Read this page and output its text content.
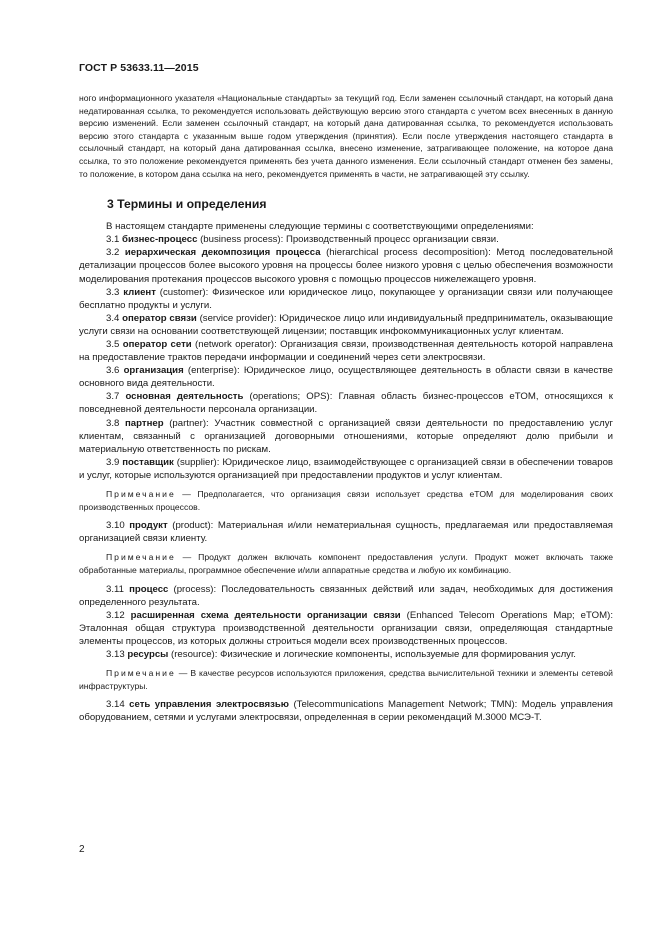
ГОСТ Р 53633.11—2015

ного информационного указателя «Национальные стандарты» за текущий год. Если заменен ссылочный стандарт, на который дана недатированная ссылка, то рекомендуется использовать действующую версию этого стандарта с учетом всех внесенных в данную версию изменений. Если заменен ссылочный стандарт, на который дана датированная ссылка, то рекомендуется использовать версию этого стандарта с указанным выше годом утверждения (принятия). Если после утверждения настоящего стандарта в ссылочный стандарт, на который дана датированная ссылка, внесено изменение, затрагивающее положение, на которое дана ссылка, то это положение рекомендуется применять без учета данного изменения. Если ссылочный стандарт отменен без замены, то положение, в котором дана ссылка на него, рекомендуется применять в части, не затрагивающей эту ссылку.

3 Термины и определения

В настоящем стандарте применены следующие термины с соответствующими определениями:

3.1 бизнес-процесс (business process): Производственный процесс организации связи.

3.2 иерархическая декомпозиция процесса (hierarchical process decomposition): Метод последовательной детализации процессов более высокого уровня на процессы более низкого уровня с целью обеспечения возможности моделирования протекания процессов высокого уровня с помощью процессов нижележащего уровня.

3.3 клиент (customer): Физическое или юридическое лицо, покупающее у организации связи или получающее бесплатно продукты и услуги.

3.4 оператор связи (service provider): Юридическое лицо или индивидуальный предприниматель, оказывающие услуги связи на основании соответствующей лицензии; поставщик инфокоммуникационных услуг клиентам.

3.5 оператор сети (network operator): Организация связи, производственная деятельность которой направлена на предоставление трактов передачи информации и соединений через сети электросвязи.

3.6 организация (enterprise): Юридическое лицо, осуществляющее деятельность в области связи в качестве основного вида деятельности.

3.7 основная деятельность (operations; OPS): Главная область бизнес-процессов eTOM, относящихся к повседневной деятельности персонала организации.

3.8 партнер (partner): Участник совместной с организацией связи деятельности по предоставлению услуг клиентам, связанный с организацией договорными отношениями, которые определяют долю прибыли и материальную ответственность по рискам.

3.9 поставщик (supplier): Юридическое лицо, взаимодействующее с организацией связи в обеспечении товаров и услуг, которые используются организацией при предоставлении продуктов и услуг клиентам.

Примечание — Предполагается, что организация связи использует средства eTOM для моделирования своих производственных процессов.

3.10 продукт (product): Материальная и/или нематериальная сущность, предлагаемая или предоставляемая организацией связи клиенту.

Примечание — Продукт должен включать компонент предоставления услуги. Продукт может включать также обработанные материалы, программное обеспечение и/или аппаратные средства и любую их комбинацию.

3.11 процесс (process): Последовательность связанных действий или задач, необходимых для достижения определенного результата.

3.12 расширенная схема деятельности организации связи (Enhanced Telecom Operations Map; eTOM): Эталонная общая структура производственной деятельности организации связи, определяющая стандартные элементы процессов, из которых должны строиться модели всех производственных процессов.

3.13 ресурсы (resource): Физические и логические компоненты, используемые для формирования услуг.

Примечание — В качестве ресурсов используются приложения, средства вычислительной техники и элементы сетевой инфраструктуры.

3.14 сеть управления электросвязью (Telecommunications Management Network; TMN): Модель управления оборудованием, сетями и услугами электросвязи, определенная в серии рекомендаций М.3000 МСЭ-Т.

2
